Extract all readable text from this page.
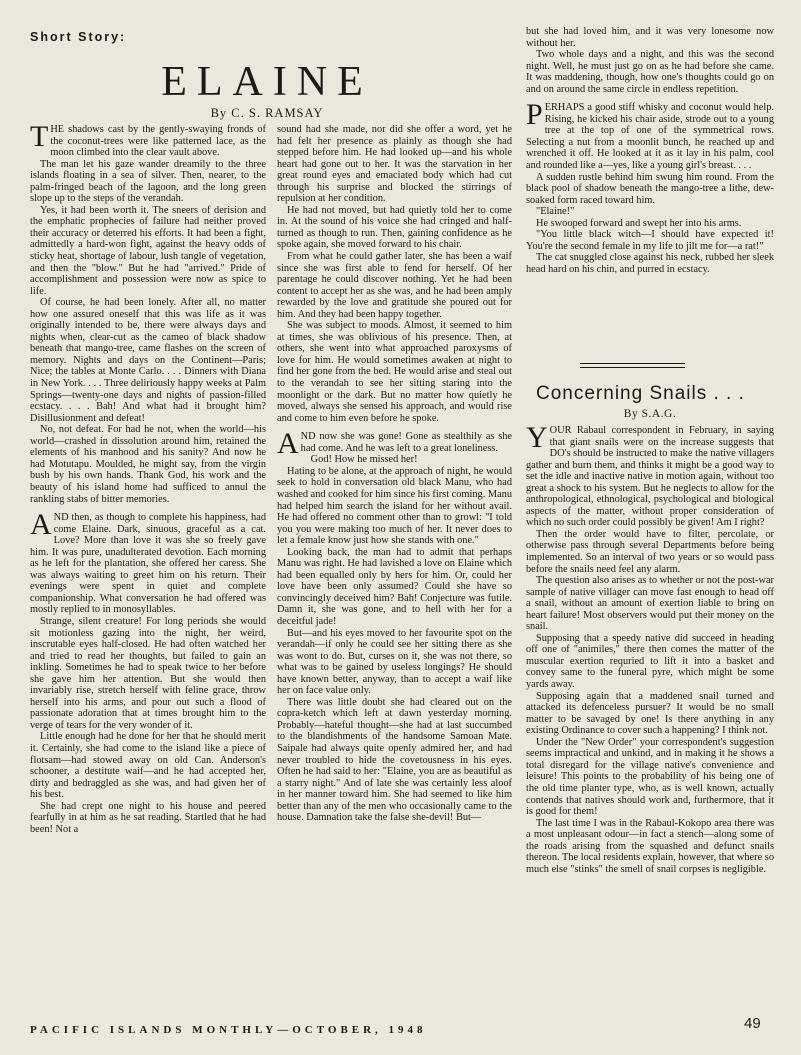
Short Story:
ELAINE
By C. S. RAMSAY

THE shadows cast by the gently-swaying fronds of the coconut-trees were like patterned lace, as the moon climbed into the clear vault above.

The man let his gaze wander dreamily to the three islands floating in a sea of silver. Then, nearer, to the palm-fringed beach of the lagoon, and the long green slope up to the steps of the verandah.

Yes, it had been worth it. The sneers of derision and the emphatic prophecies of failure had neither proved their accuracy or deterred his efforts. It had been a fight, admittedly a hard-won fight, against the heavy odds of sticky heat, shortage of labour, lush tangle of vegetation, and then the "blow." But he had "arrived." Pride of accomplishment and possession were now as spice to life.

Of course, he had been lonely. After all, no matter how one assured oneself that this was life as it was originally intended to be, there were always days and nights when, clear-cut as the cameo of black shadow beneath that mango-tree, came flashes on the screen of memory. Nights and days on the Continent—Paris; Nice; the tables at Monte Carlo. . . . Dinners with Diana in New York. . . . Three deliriously happy weeks at Palm Springs—twenty-one days and nights of passion-filled ecstacy. . . . Bah! And what had it brought him? Disillusionment and defeat!

No, not defeat. For had he not, when the world—his world—crashed in dissolution around him, retained the elements of his manhood and his sanity? And now he had Motutapu. Moulded, he might say, from the virgin bush by his own hands. Thank God, his work and the beauty of his island home had sufficed to annul the rankling stabs of bitter memories.

AND then, as though to complete his happiness, had come Elaine. Dark, sinuous, graceful as a cat. Love? More than love it was she so freely gave him. It was pure, unadulterated devotion. Each morning as he left for the plantation, she offered her caress. She was always waiting to greet him on his return. Their evenings were spent in quiet and complete companionship. What conversation he had offered was mostly replied to in monosyllables.

Strange, silent creature! For long periods she would sit motionless gazing into the night, her weird, inscrutable eyes half-closed. He had often watched her and tried to read her thoughts, but failed to gain an inkling. Sometimes he had to speak twice to her before she gave him her attention. But she would then invariably rise, stretch herself with feline grace, throw herself into his arms, and pour out such a flood of passionate adoration that at times brought him to the verge of tears for the very wonder of it.

Little enough had he done for her that he should merit it. Certainly, she had come to the island like a piece of flotsam—had stowed away on old Can. Anderson's schooner, a destitute waif—and he had accepted her, dirty and bedraggled as she was, and had given her of his best.

She had crept one night to his house and peered fearfully in at him as he sat reading. Startled that he had been! Not a

sound had she made, nor did she offer a word, yet he had felt her presence as plainly as though she had stepped before him. He had looked up—and his whole heart had gone out to her. It was the starvation in her great round eyes and emaciated body which had cut through his surprise and blocked the stirrings of repulsion at her condition.

He had not moved, but had quietly told her to come in. At the sound of his voice she had cringed and half-turned as though to run. Then, gaining confidence as he spoke again, she moved forward to his chair.

From what he could gather later, she has been a waif since she was first able to fend for herself. Of her parentage he could discover nothing. Yet he had been content to accept her as she was, and he had been amply rewarded by the love and gratitude she poured out for him. And they had been happy together.

She was subject to moods. Almost, it seemed to him at times, she was oblivious of his presence. Then, at others, she went into what approached paroxysms of love for him. He would sometimes awaken at night to find her gone from the bed. He would arise and steal out to the verandah to see her sitting staring into the moonlight or the dark. But no matter how quietly he moved, always she sensed his approach, and would rise and come to him even before he spoke.

AND now she was gone! Gone as stealthily as she had come. And he was left to a great loneliness.

God! How he missed her!

Hating to be alone, at the approach of night, he would seek to hold in conversation old black Manu, who had washed and cooked for him since his first coming. Manu had helped him search the island for her without avail. He had offered no comment other than to growl: "I told you you were making too much of her. It never does to let a female know just how she stands with one."

Looking back, the man had to admit that perhaps Manu was right. He had lavished a love on Elaine which had been equalled only by hers for him. Or, could her love have been only assumed? Could she have so convincingly deceived him? Bah! Conjecture was futile. Damn it, she was gone, and to hell with her for a deceitful jade!

But—and his eyes moved to her favourite spot on the verandah—if only he could see her sitting there as she was wont to do. But, curses on it, she was not there, so what was to be gained by useless longings? He should have known better, anyway, than to accept a waif like her on face value only.

There was little doubt she had cleared out on the copra-ketch which left at dawn yesterday morning. Probably—hateful thought—she had at last succumbed to the blandishments of the handsome Samoan Mate. Saipale had always quite openly admired her, and had never troubled to hide the covetousness in his eyes. Often he had said to her: "Elaine, you are as beautiful as a starry night." And of late she was certainly less aloof in her manner toward him. She had seemed to like him better than any of the men who occasionally came to the house. Damnation take the false she-devil! But—

but she had loved him, and it was very lonesome now without her.

Two whole days and a night, and this was the second night. Well, he must just go on as he had before she came. It was maddening, though, how one's thoughts could go on and on around the same circle in endless repetition.

PERHAPS a good stiff whisky and coconut would help. Rising, he kicked his chair aside, strode out to a young tree at the top of one of the symmetrical rows. Selecting a nut from a moonlit bunch, he reached up and wrenched it off. He looked at it as it lay in his palm, cool and rounded like a—yes, like a young girl's breast. . . .

A sudden rustle behind him swung him round. From the black pool of shadow beneath the mango-tree a lithe, dew-soaked form raced toward him.

"Elaine!"

He swooped forward and swept her into his arms.

"You little black witch—I should have expected it! You're the second female in my life to jilt me for—a rat!"

The cat snuggled close against his neck, rubbed her sleek head hard on his chin, and purred in ecstacy.

Concerning Snails . . .
By S.A.G.

YOUR Rabaul correspondent in February, in saying that giant snails were on the increase suggests that DO's should be instructed to make the native villagers gather and burn them, and thinks it might be a good way to set the idle and inactive native in motion again, without too great a shock to his system. But he neglects to allow for the anthropological, ethnological, psychological and biological aspects of the matter, without proper consideration of which no such order could possibly be given! Am I right?

Then the order would have to filter, percolate, or otherwise pass through several Departments before being implemented. So an interval of two years or so would pass before the snails need feel any alarm.

The question also arises as to whether or not the post-war sample of native villager can move fast enough to head off a snail, without an amount of exertion liable to bring on heart failure! Most observers would put their money on the snail.

Supposing that a speedy native did succeed in heading off one of "animiles," there then comes the matter of the muscular exertion requried to lift it into a basket and convey same to the funeral pyre, which might be some yards away.

Supposing again that a maddened snail turned and attacked its defenceless pursuer? It would be no small matter to be savaged by one! Is there anything in any existing Ordinance to cover such a happening? I think not.

Under the "New Order" your correspondent's suggestion seems impractical and unkind, and in making it he shows a total disregard for the village native's convenience and leisure! This points to the probability of his being one of the old time planter type, who, as is well known, actually contends that natives should work and, furthermore, that it is good for them!

The last time I was in the Rabaul-Kokopo area there was a most unpleasant odour—in fact a stench—along some of the roads arising from the squashed and defunct snails thereon. The local residents explain, however, that where so much else "stinks" the smell of snail corpses is negligible.

PACIFIC ISLANDS MONTHLY—OCTOBER, 1948	49
